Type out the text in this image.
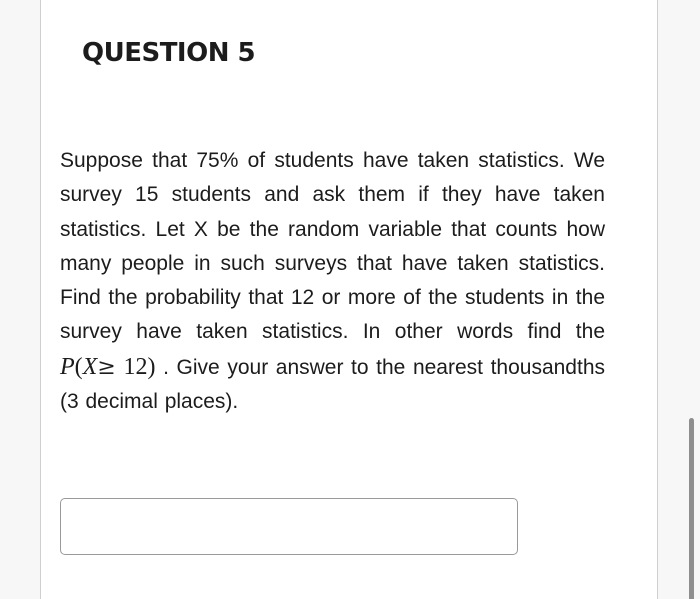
QUESTION 5

Suppose that 75% of students have taken statistics. We survey 15 students and ask them if they have taken statistics. Let X be the random variable that counts how many people in such surveys that have taken statistics. Find the probability that 12 or more of the students in the survey have taken statistics. In other words find the P(X≥ 12) . Give your answer to the nearest thousandths (3 decimal places).
